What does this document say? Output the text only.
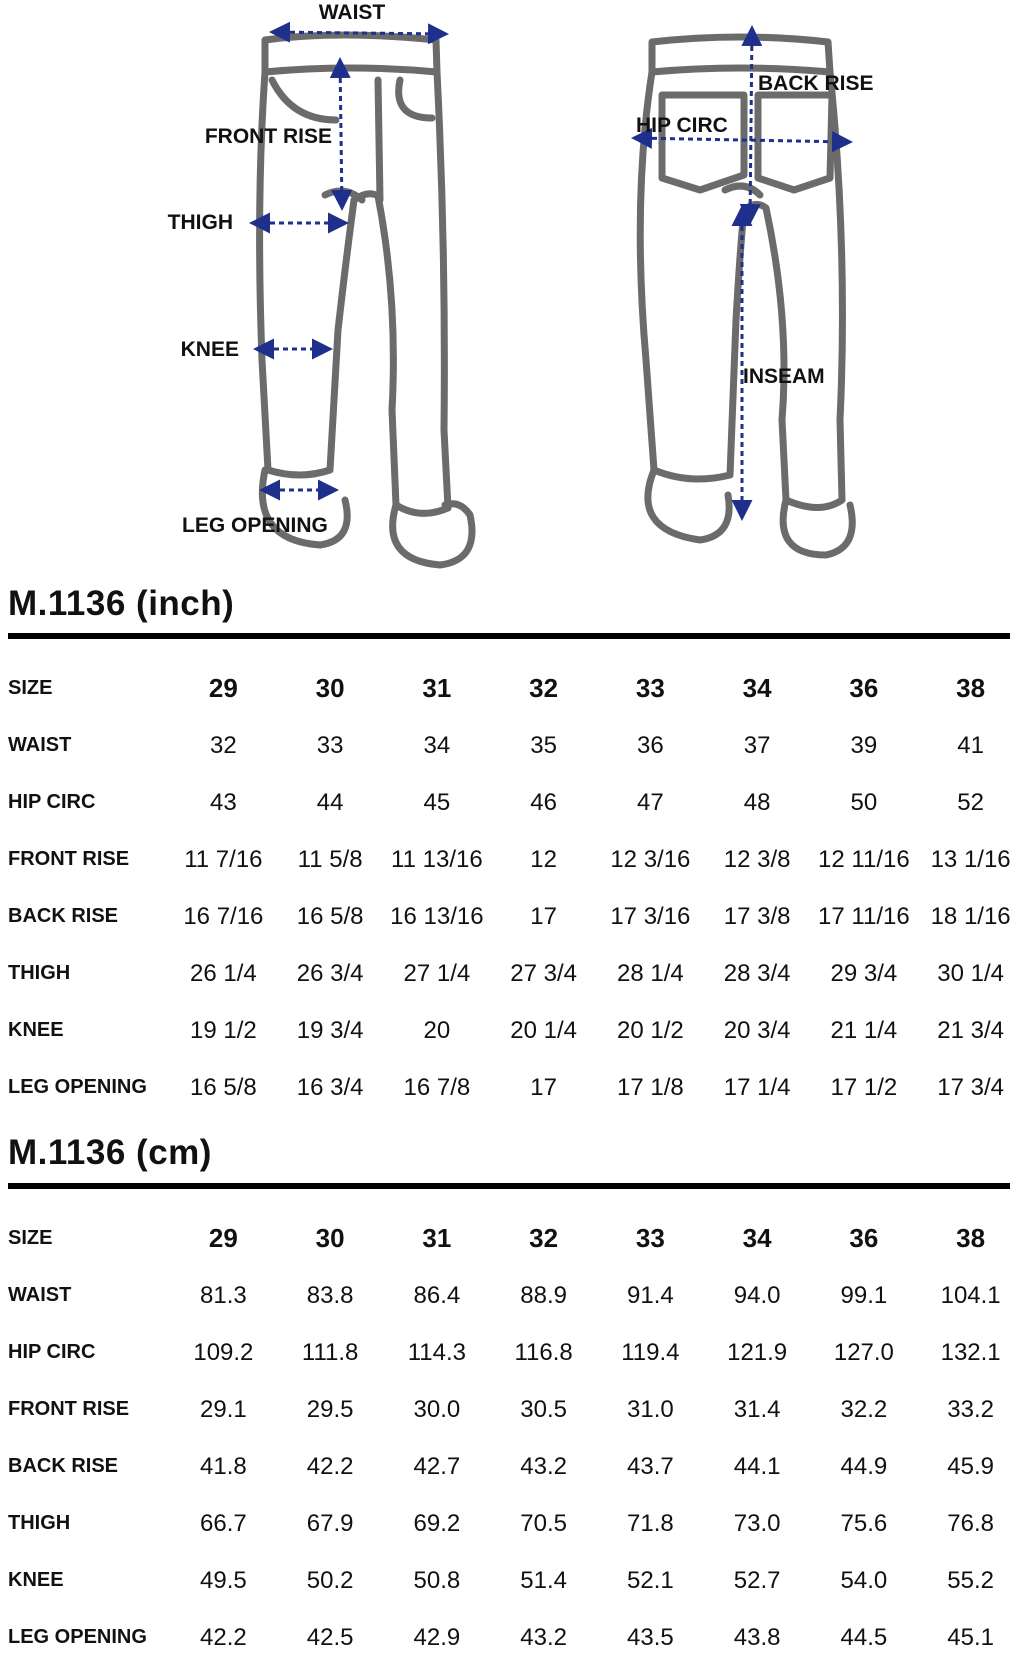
WAIST
FRONT RISE
THIGH
KNEE
LEG OPENING
BACK RISE
HIP CIRC
INSEAM
M.1136 (inch)
SIZE	29	30	31	32	33	34	36	38
WAIST	32	33	34	35	36	37	39	41
HIP CIRC	43	44	45	46	47	48	50	52
FRONT RISE	11 7/16	11 5/8	11 13/16	12	12 3/16	12 3/8	12 11/16	13 1/16
BACK RISE	16 7/16	16 5/8	16 13/16	17	17 3/16	17 3/8	17 11/16	18 1/16
THIGH	26 1/4	26 3/4	27 1/4	27 3/4	28 1/4	28 3/4	29 3/4	30 1/4
KNEE	19 1/2	19 3/4	20	20 1/4	20 1/2	20 3/4	21 1/4	21 3/4
LEG OPENING	16 5/8	16 3/4	16 7/8	17	17 1/8	17 1/4	17 1/2	17 3/4
M.1136 (cm)
SIZE	29	30	31	32	33	34	36	38
WAIST	81.3	83.8	86.4	88.9	91.4	94.0	99.1	104.1
HIP CIRC	109.2	111.8	114.3	116.8	119.4	121.9	127.0	132.1
FRONT RISE	29.1	29.5	30.0	30.5	31.0	31.4	32.2	33.2
BACK RISE	41.8	42.2	42.7	43.2	43.7	44.1	44.9	45.9
THIGH	66.7	67.9	69.2	70.5	71.8	73.0	75.6	76.8
KNEE	49.5	50.2	50.8	51.4	52.1	52.7	54.0	55.2
LEG OPENING	42.2	42.5	42.9	43.2	43.5	43.8	44.5	45.1
